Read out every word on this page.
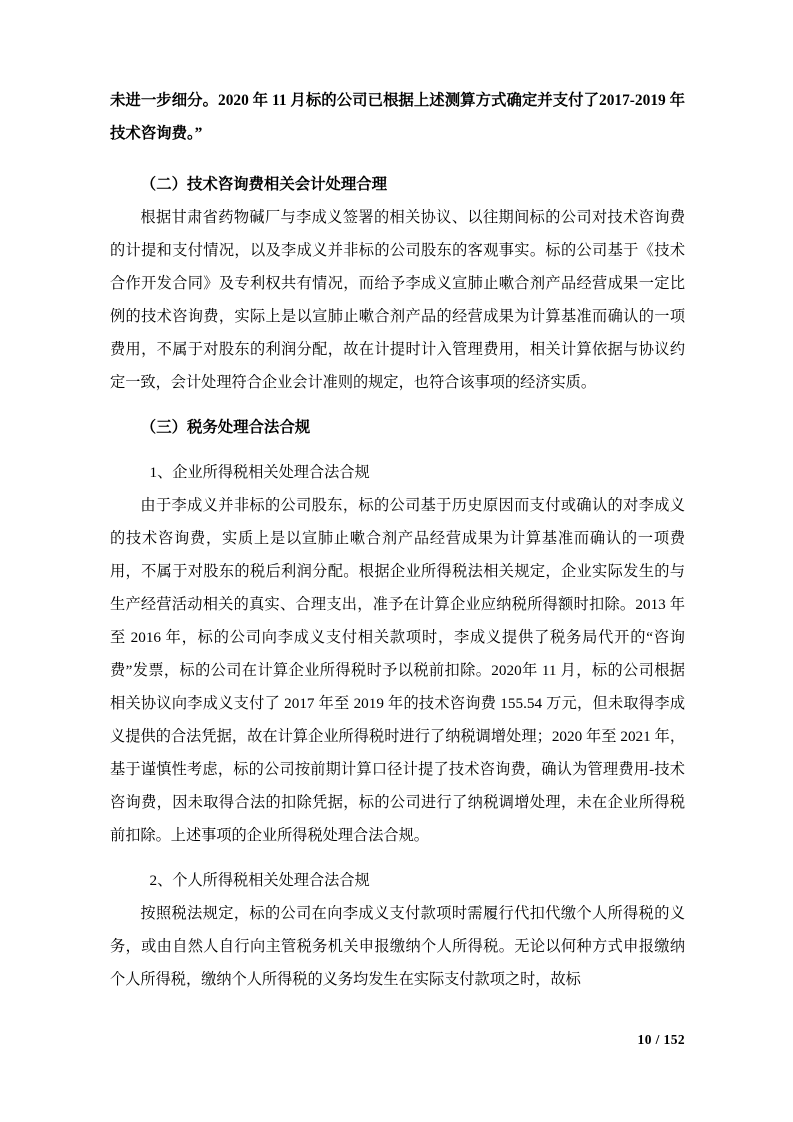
未进一步细分。2020 年 11 月标的公司已根据上述测算方式确定并支付了2017-2019 年技术咨询费。”
（二）技术咨询费相关会计处理合理
根据甘肃省药物碱厂与李成义签署的相关协议、以往期间标的公司对技术咨询费的计提和支付情况，以及李成义并非标的公司股东的客观事实。标的公司基于《技术合作开发合同》及专利权共有情况，而给予李成义宣肺止嗽合剂产品经营成果一定比例的技术咨询费，实际上是以宣肺止嗽合剂产品的经营成果为计算基准而确认的一项费用，不属于对股东的利润分配，故在计提时计入管理费用，相关计算依据与协议约定一致，会计处理符合企业会计准则的规定，也符合该事项的经济实质。
（三）税务处理合法合规
1、企业所得税相关处理合法合规
由于李成义并非标的公司股东，标的公司基于历史原因而支付或确认的对李成义的技术咨询费，实质上是以宣肺止嗽合剂产品经营成果为计算基准而确认的一项费用，不属于对股东的税后利润分配。根据企业所得税法相关规定，企业实际发生的与生产经营活动相关的真实、合理支出，准予在计算企业应纳税所得额时扣除。2013 年至 2016 年，标的公司向李成义支付相关款项时，李成义提供了税务局代开的“咨询费”发票，标的公司在计算企业所得税时予以税前扣除。2020年 11 月，标的公司根据相关协议向李成义支付了 2017 年至 2019 年的技术咨询费 155.54 万元，但未取得李成义提供的合法凭据，故在计算企业所得税时进行了纳税调增处理；2020 年至 2021 年，基于谨慎性考虑，标的公司按前期计算口径计提了技术咨询费，确认为管理费用-技术咨询费，因未取得合法的扣除凭据，标的公司进行了纳税调增处理，未在企业所得税前扣除。上述事项的企业所得税处理合法合规。
2、个人所得税相关处理合法合规
按照税法规定，标的公司在向李成义支付款项时需履行代扣代缴个人所得税的义务，或由自然人自行向主管税务机关申报缴纳个人所得税。无论以何种方式申报缴纳个人所得税，缴纳个人所得税的义务均发生在实际支付款项之时，故标
10 / 152
